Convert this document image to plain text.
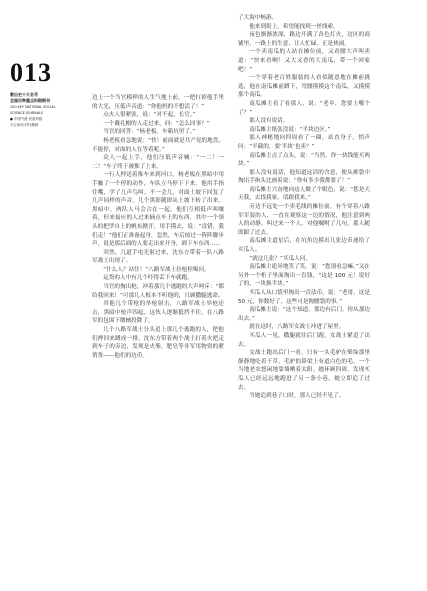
013
教出史十大名号
全国百种重点科期期刊
100 KEY NATIONAL SOCIAL
SCIENCE JOURNALS
● 中国气派 民族风格
天云家训 时代精神

边上一个当官模样的人生气地上前，一把打掉他手里的大光，压低声音道：“你他妈的不想活了！”

点火人很紧张，说：“对不起，长官。”

一个戴礼帽的人走过来，问：“怎么回事？”

当官的回答：“杨老板，车箱坑里了。”

杨老板看急地说：“快！前面就是共产党的地盘，不能停，对面的人在等着呢。”

众人一起上手，他们压低声音喊：“一二！一二！”车子终于被推了上来。

一行人押送着推车来到河口，杨老板在黑暗中用手触了一个停的动作，车队立马停下下来。他用手指往嘴，学了几声鸟叫。不一会儿，对面土坡下回复了几声同样的声音，几个黑影随即从土坡下转了出来。黑暗中，两队人马会合在一起。他们互相低声叫嚷着，但来接应的人过来摘点车上的东西，其中一个领头的把罗自上的帆布掀开，用手摸去，说：“没错，我们走！”他们正准备起身，忽然，车后掠过一阵阵脚步声，说是那后面的人要走出来开身，卸下车东西……

突然，几道手电光射过来，沈东方带着一队八路军战士出现了。

“什么人？站住！”八路军战士拉枪栓喝问。

运货的人中有几个吓得丢下车就跑。

当官的掏出枪，冲着那几个逃跑的大声呵斥：“都给我回来！”可那几人根本不听他的，只顾撒腿逃命。

其他几个带枪的举枪射击，八路军战士举枪还击，黑暗中枪声四起。这伙人逐渐抵挡不住，在八路军的包围下缴械投降了。

几个八路军战士分头追上那几个逃跑的人，把他们押回来蹲成一排。沈东方带着两个战士打着火把走到车子的旁边，发现是火柴、肥皂等非军用物资的紧俏货——他们的边币。

了大海中畅游。

他来到街上，希望能找到一丝线索。

夜色渐渐浓深，路边开满了各色灯火，边区的商铺里，一路上的生意，让人忙碌，正是热闹。

一个卖南瓜的人站在摊位前，又看腰大声叫卖道：“快来看啊！又大又香的大南瓜，带一个回家吧！”

一个穿着老百姓服装的人看似随意地在摊前挑选，他在南瓜摊前蹲下，弯腰摸摸这个南瓜，又摸摸那个南瓜。

南瓜摊主看了看那人，说：“老乡，您要上哪个了？”

那人没有说话。

南瓜摊主纸张没说：“半块边区。”

那人神秘地向四周看了一圈，站直身子，悄声问：“半截的，要‘半块’也卖？”

南瓜摊主点了点头，说：“当然，你一块钱能买两块。”

那人没有说话，他知道这话的含意，便从裤袋中掏出手指头比画着说：“你有多少我都要了！”

南瓜摊主兴奋地向这人做了个眼色，说：“您是天天我，去找我家，请跟我来。”

旁边不远处一个卖毛线的摊位前，有个穿着八路军军装的人，一直在观察这一边的情况，他注意到两人的动静，叫过来一个人，对他嘱咐了几句，那人随即跟了过去。

南瓜摊主道星后，在坑角边摸出几张边币递给了买瓜人。

“就这几张？”买瓜人问。

南瓜摊主诡异地笑了笑，说：“您别看急嘛。”又在另外一个柜子里面掏出一沓钱，“这是 100 元！说好了的，一块换半块。”

买瓜人从口袋里掏出一沓法币，说：“老哥，这是 50 元，你数好了，这些可是掏腰袋的事。”

南瓜摊主说：“这个知道。那边有后门，你从那边出去。”

就在这时，八路军女战士冲进了屋里。

买瓜人一见，撒腿就往后门跑，女战士紧追了出去。

女战士跑出后门一看，只有一头毛驴在柴垛那里静静地吃着干草，毛驴的鼻梁上有道白色的毛。一个当地老农悠闲地靠墙晒着太阳。她环顾四周，发现买瓜人已经远远地跑进了另一条小巷，她立即追了过去。

当她追到巷子口时，那人已经不见了。
